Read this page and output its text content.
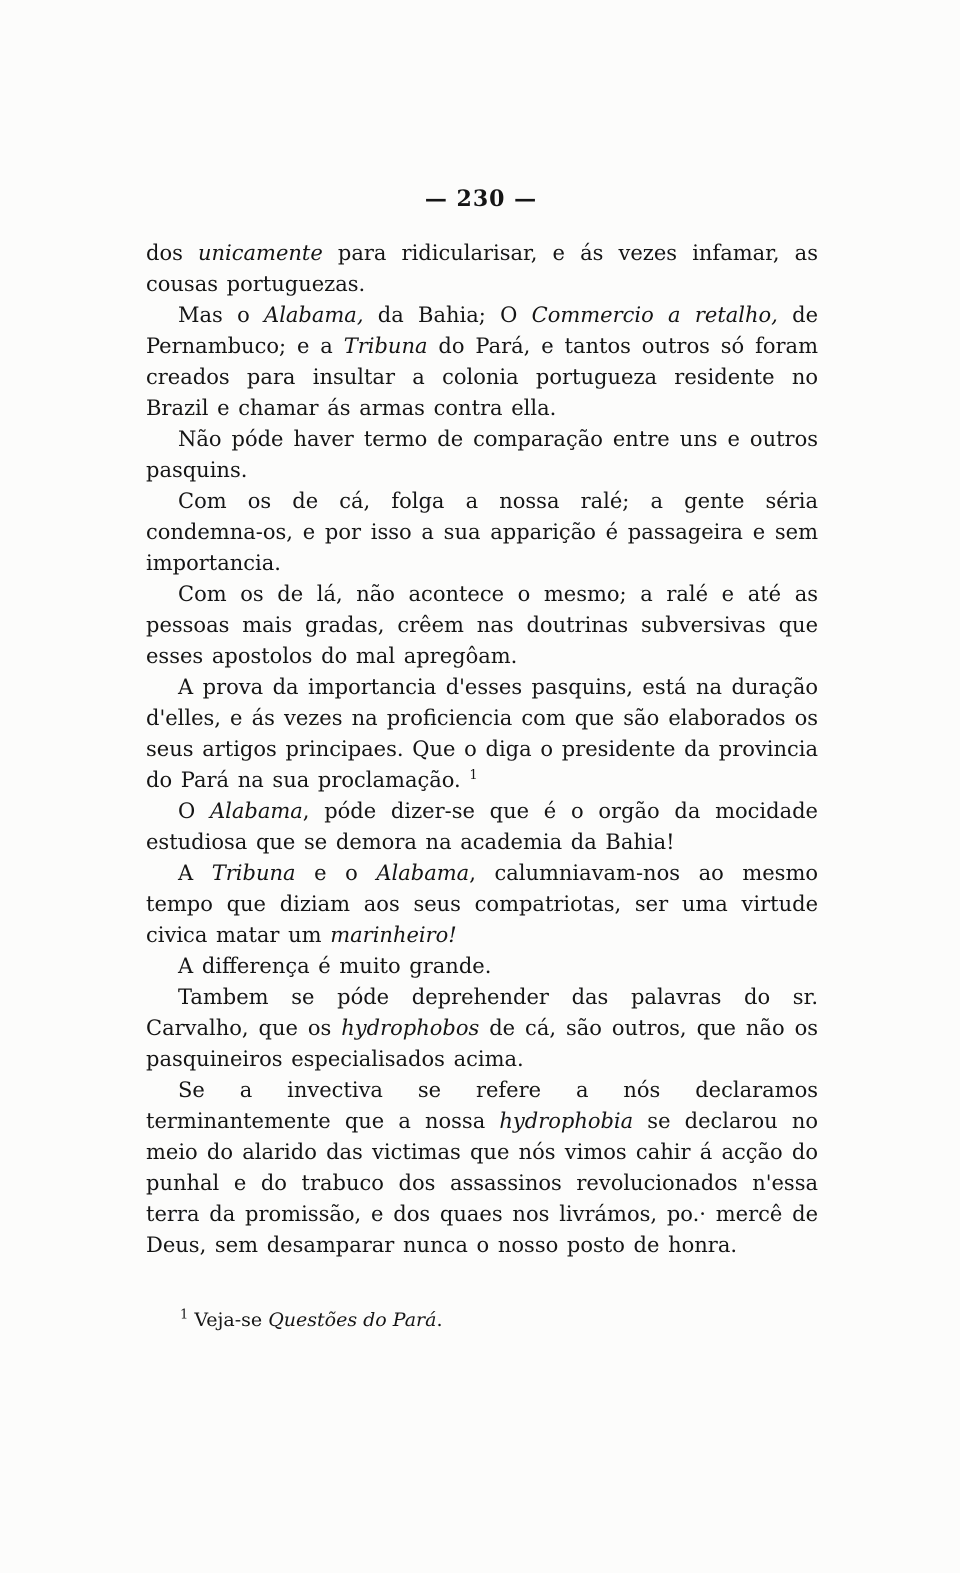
— 230 —

dos unicamente para ridicularisar, e ás vezes infamar, as cousas portuguezas.

Mas o Alabama, da Bahia; O Commercio a retalho, de Pernambuco; e a Tribuna do Pará, e tantos outros só foram creados para insultar a colonia portugueza residente no Brazil e chamar ás armas contra ella.

Não póde haver termo de comparação entre uns e outros pasquins.

Com os de cá, folga a nossa ralé; a gente séria condemna-os, e por isso a sua apparição é passageira e sem importancia.

Com os de lá, não acontece o mesmo; a ralé e até as pessoas mais gradas, crêem nas doutrinas subversivas que esses apostolos do mal apregôam.

A prova da importancia d'esses pasquins, está na duração d'elles, e ás vezes na proficiencia com que são elaborados os seus artigos principaes. Que o diga o presidente da provincia do Pará na sua proclamação. $^1$

O Alabama, póde dizer-se que é o orgão da mocidade estudiosa que se demora na academia da Bahia!

A Tribuna e o Alabama, calumniavam-nos ao mesmo tempo que diziam aos seus compatriotas, ser uma virtude civica matar um marinheiro!

A differença é muito grande.

Tambem se póde deprehender das palavras do sr. Carvalho, que os hydrophobos de cá, são outros, que não os pasquineiros especialisados acima.

Se a invectiva se refere a nós declaramos terminantemente que a nossa hydrophobia se declarou no meio do alarido das victimas que nós vimos cahir á acção do punhal e do trabuco dos assassinos revolucionados n'essa terra da promissão, e dos quaes nos livrámos, po.· mercê de Deus, sem desamparar nunca o nosso posto de honra.

$^1$ Veja-se Questões do Pará.
